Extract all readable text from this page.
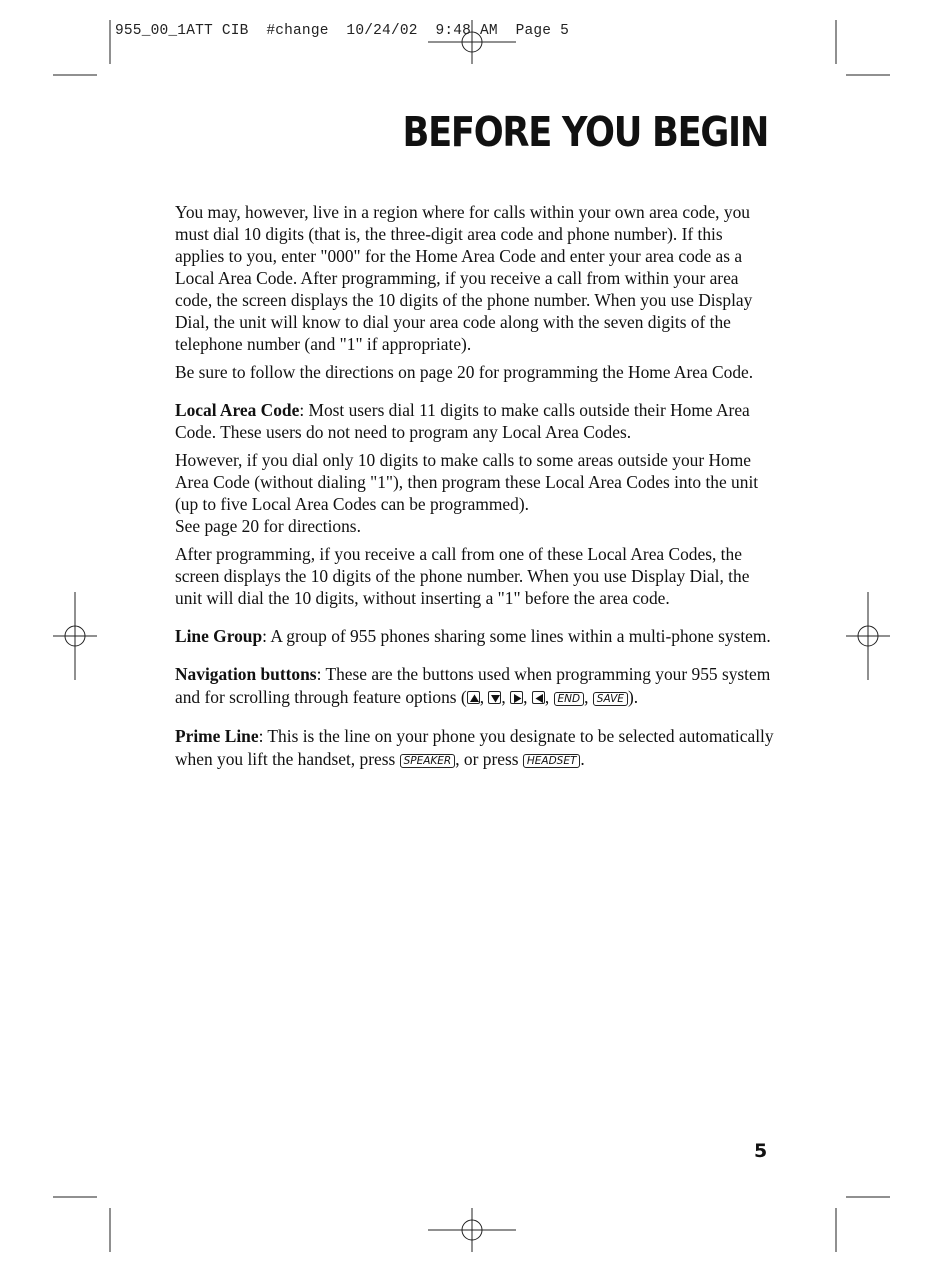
955_00_1ATT CIB  #change  10/24/02  9:48 AM  Page 5
BEFORE YOU BEGIN

You may, however, live in a region where for calls within your own area code, you must dial 10 digits (that is, the three-digit area code and phone number). If this applies to you, enter "000" for the Home Area Code and enter your area code as a Local Area Code. After programming, if you receive a call from within your area code, the screen displays the 10 digits of the phone number. When you use Display Dial, the unit will know to dial your area code along with the seven digits of the telephone number (and "1" if appropriate).

Be sure to follow the directions on page 20 for programming the Home Area Code.

Local Area Code: Most users dial 11 digits to make calls outside their Home Area Code. These users do not need to program any Local Area Codes.

However, if you dial only 10 digits to make calls to some areas outside your Home Area Code (without dialing "1"), then program these Local Area Codes into the unit (up to five Local Area Codes can be programmed).
See page 20 for directions.

After programming, if you receive a call from one of these Local Area Codes, the screen displays the 10 digits of the phone number. When you use Display Dial, the unit will dial the 10 digits, without inserting a "1" before the area code.

Line Group: A group of 955 phones sharing some lines within a multi-phone system.

Navigation buttons: These are the buttons used when programming your 955 system and for scrolling through feature options ( ,
,
,
, END , SAVE ).

Prime Line: This is the line on your phone you designate to be selected automatically when you lift the handset, press SPEAKER , or press HEADSET .

5
